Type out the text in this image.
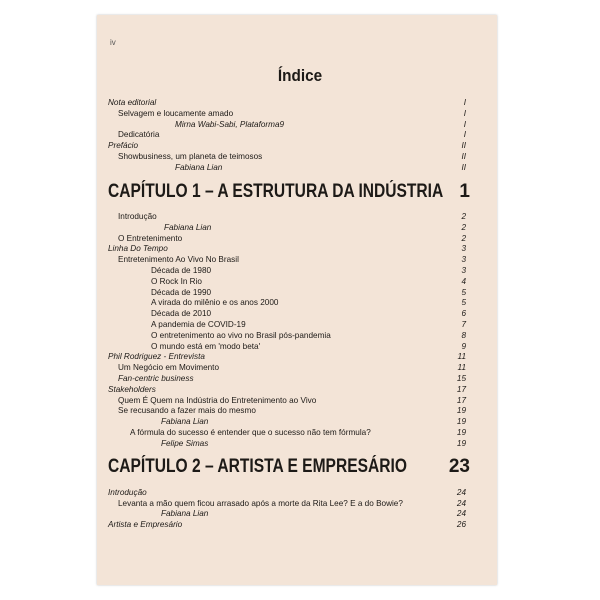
iv
Índice
Nota editorial	I
Selvagem e loucamente amado	I
Mirna Wabi-Sabi, Plataforma9	I
Dedicatória	I
Prefácio	II
Showbusiness, um planeta de teimosos	II
Fabiana Lian	II
CAPÍTULO 1 – A ESTRUTURA DA INDÚSTRIA 1
Introdução	2
Fabiana Lian	2
O Entretenimento	2
Linha Do Tempo	3
Entretenimento Ao Vivo No Brasil	3
Década de 1980	3
O Rock In Rio	4
Década de 1990	5
A virada do milênio e os anos 2000	5
Década de 2010	6
A pandemia de COVID-19	7
O entretenimento ao vivo no Brasil pós-pandemia	8
O mundo está em 'modo beta'	9
Phil Rodriguez - Entrevista	11
Um Negócio em Movimento	11
Fan-centric business	15
Stakeholders	17
Quem É Quem na Indústria do Entretenimento ao Vivo	17
Se recusando a fazer mais do mesmo	19
Fabiana Lian	19
A fórmula do sucesso é entender que o sucesso não tem fórmula?	19
Felipe Simas	19
CAPÍTULO 2 – ARTISTA E EMPRESÁRIO 23
Introdução	24
Levanta a mão quem ficou arrasado após a morte da Rita Lee? E a do Bowie?	24
Fabiana Lian	24
Artista e Empresário	26
